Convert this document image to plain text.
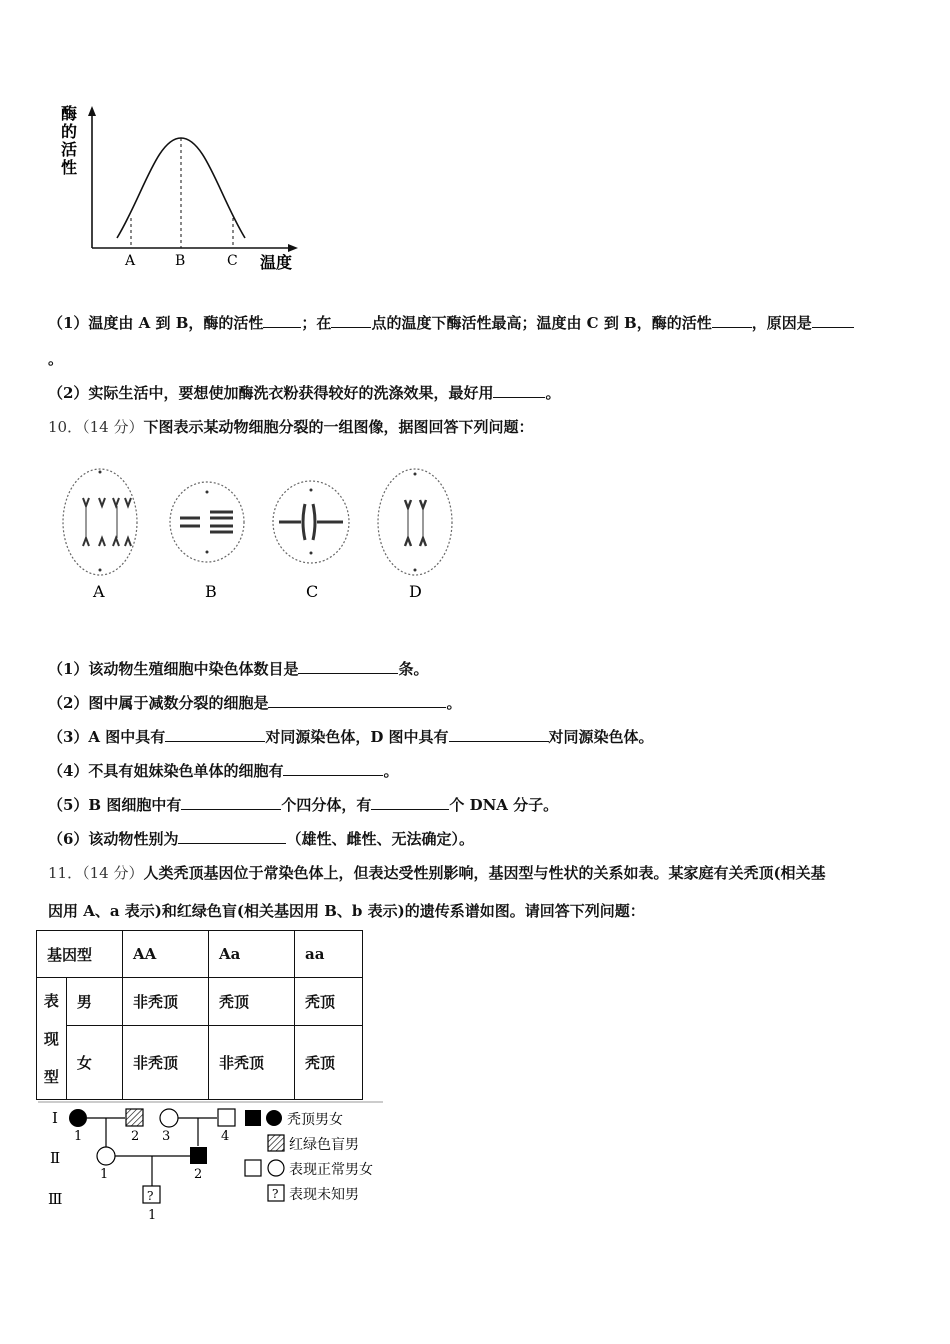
酶
的
活
性
A	B	C 温度
（1）温度由 A 到 B，酶的活性	；在	点的温度下酶活性最高；温度由 C 到 B，酶的活性	，原因是
。
（2）实际生活中，要想使加酶洗衣粉获得较好的洗涤效果，最好用	。
10．（14 分）下图表示某动物细胞分裂的一组图像，据图回答下列问题：
A	B	C	D
（1）该动物生殖细胞中染色体数目是	条。
（2）图中属于减数分裂的细胞是	。
（3）A 图中具有	对同源染色体，D 图中具有	对同源染色体。
（4）不具有姐妹染色单体的细胞有	。
（5）B 图细胞中有	个四分体，有	个 DNA 分子。
（6）该动物性别为	（雄性、雌性、无法确定）。
11．（14 分）人类秃顶基因位于常染色体上，但表达受性别影响，基因型与性状的关系如表。某家庭有关秃顶(相关基
因用 A、a 表示)和红绿色盲(相关基因用 B、b 表示)的遗传系谱如图。请回答下列问题：
基因型		AA	Aa	aa

表
现
型	男	非秃顶	秃顶	秃顶
	女	非秃顶	非秃顶	秃顶
I
Ⅱ
Ⅲ
1	2 3	4
1	2
?
1
秃顶男女
红绿色盲男
表现正常男女
? 表现未知男
